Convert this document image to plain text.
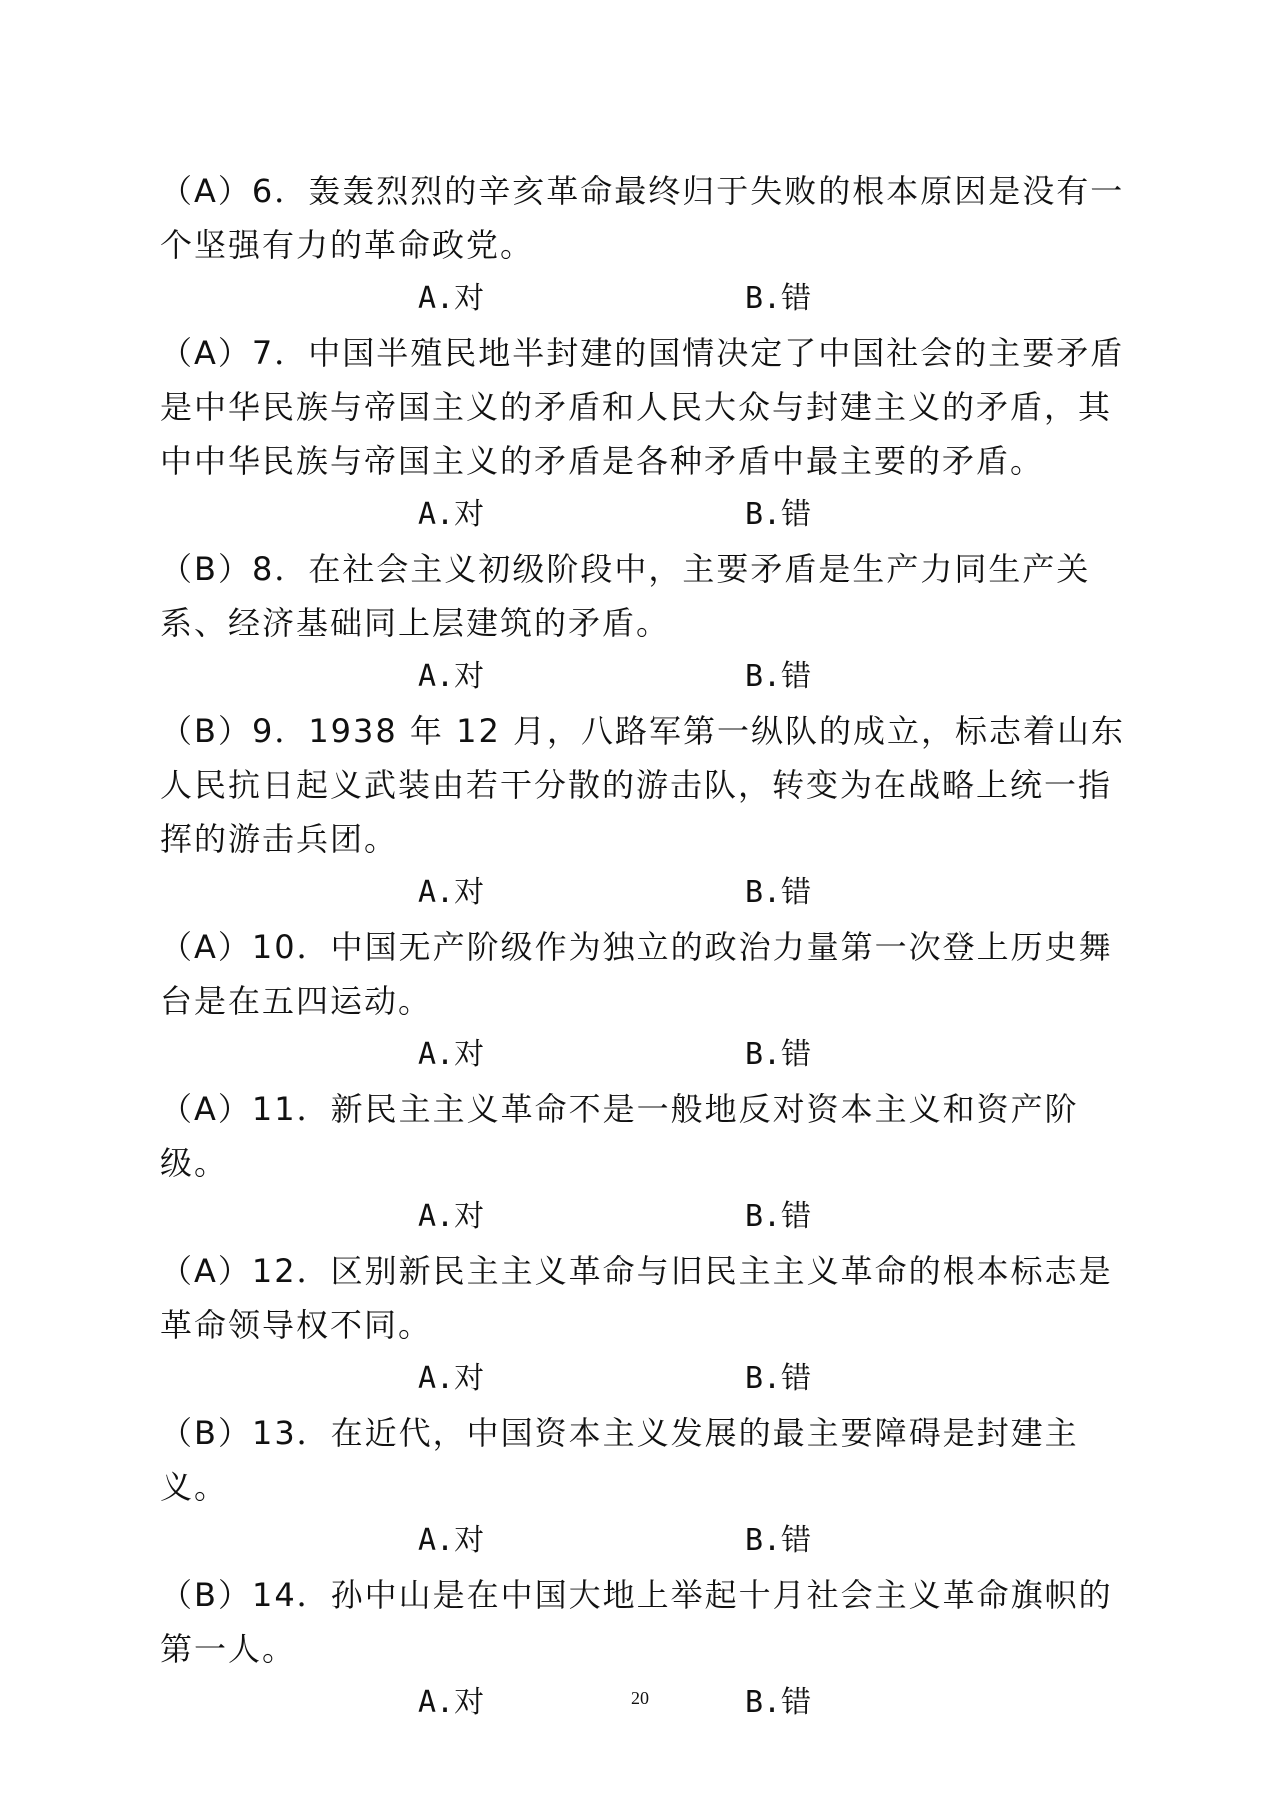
（A）6．轰轰烈烈的辛亥革命最终归于失败的根本原因是没有一个坚强有力的革命政党。

A.对	B.错

（A）7．中国半殖民地半封建的国情决定了中国社会的主要矛盾是中华民族与帝国主义的矛盾和人民大众与封建主义的矛盾，其中中华民族与帝国主义的矛盾是各种矛盾中最主要的矛盾。

A.对	B.错

（B）8．在社会主义初级阶段中，主要矛盾是生产力同生产关系、经济基础同上层建筑的矛盾。

A.对	B.错

（B）9．1938 年 12 月，八路军第一纵队的成立，标志着山东人民抗日起义武装由若干分散的游击队，转变为在战略上统一指挥的游击兵团。

A.对	B.错

（A）10．中国无产阶级作为独立的政治力量第一次登上历史舞台是在五四运动。

A.对	B.错

（A）11．新民主主义革命不是一般地反对资本主义和资产阶级。

A.对	B.错

（A）12．区别新民主主义革命与旧民主主义革命的根本标志是革命领导权不同。

A.对	B.错

（B）13．在近代，中国资本主义发展的最主要障碍是封建主义。

A.对	B.错

（B）14．孙中山是在中国大地上举起十月社会主义革命旗帜的第一人。

A.对	B.错
20
